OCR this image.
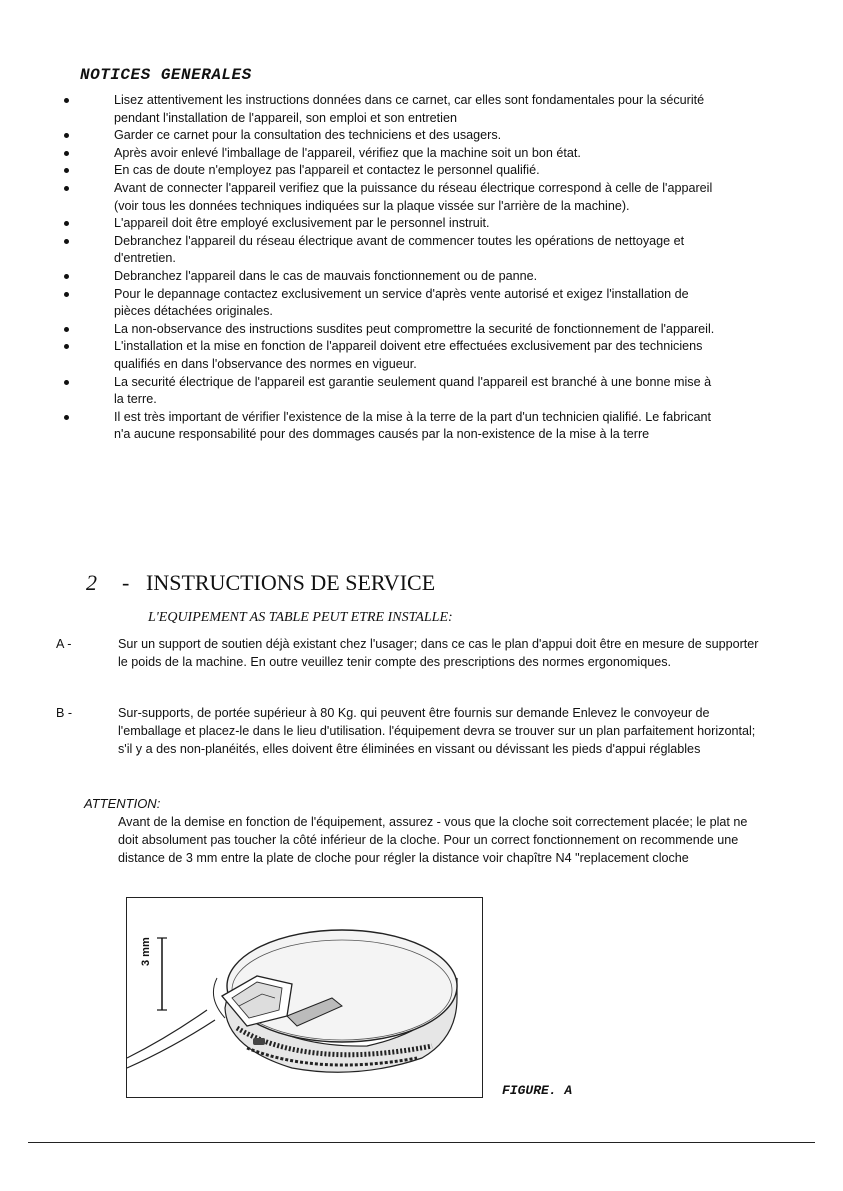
NOTICES GENERALES
Lisez attentivement les instructions données dans ce carnet, car elles sont fondamentales pour la sécurité pendant l'installation de l'appareil, son emploi et son entretien
Garder ce carnet pour la consultation des techniciens et des usagers.
Après avoir enlevé l'imballage de l'appareil, vérifiez que la machine soit un bon état.
En cas de doute n'employez pas l'appareil et contactez le personnel qualifié.
Avant de connecter l'appareil verifiez que la puissance du réseau électrique correspond à celle de l'appareil (voir tous les données techniques indiquées sur la plaque vissée sur l'arrière de la machine).
L'appareil doit être employé exclusivement par le personnel instruit.
Debranchez l'appareil du réseau électrique avant de commencer toutes les opérations de nettoyage et d'entretien.
Debranchez l'appareil dans le cas de mauvais fonctionnement ou de panne.
Pour le depannage contactez exclusivement un service d'après vente autorisé et exigez l'installation de pièces détachées originales.
La non-observance des instructions susdites peut compromettre la securité de fonctionnement de l'appareil.
L'installation et la mise en fonction de l'appareil doivent etre effectuées exclusivement par des techniciens qualifiés en dans l'observance des normes en vigueur.
La securité électrique de l'appareil est garantie seulement quand l'appareil est branché à une bonne mise à la terre.
Il est très important de vérifier l'existence de la mise à la terre de la part d'un technicien qialifié. Le fabricant n'a aucune responsabilité pour des dommages causés par la non-existence de la mise à la terre
2	- INSTRUCTIONS DE SERVICE
L'EQUIPEMENT AS TABLE PEUT ETRE INSTALLE:

A -	Sur un support de soutien déjà existant chez l'usager; dans ce cas le plan d'appui doit être en mesure de supporter le poids de la machine. En outre veuillez tenir compte des prescriptions des normes ergonomiques.

B -	Sur-supports, de portée supérieur à 80 Kg. qui peuvent être fournis sur demande Enlevez le convoyeur de l'emballage et placez-le dans le lieu d'utilisation. l'équipement devra se trouver sur un plan parfaitement horizontal; s'il y a des non-planéités, elles doivent être éliminées en vissant ou dévissant les pieds d'appui réglables

ATTENTION:

Avant de la demise en fonction de l'équipement, assurez - vous que la cloche soit correctement placée; le plat ne doit absolument pas toucher la côté inférieur de la cloche. Pour un correct fonctionnement on recommende une distance de 3 mm entre la plate de cloche pour régler la distance voir chapître N4 "replacement cloche

3 mm
FIGURE. A
